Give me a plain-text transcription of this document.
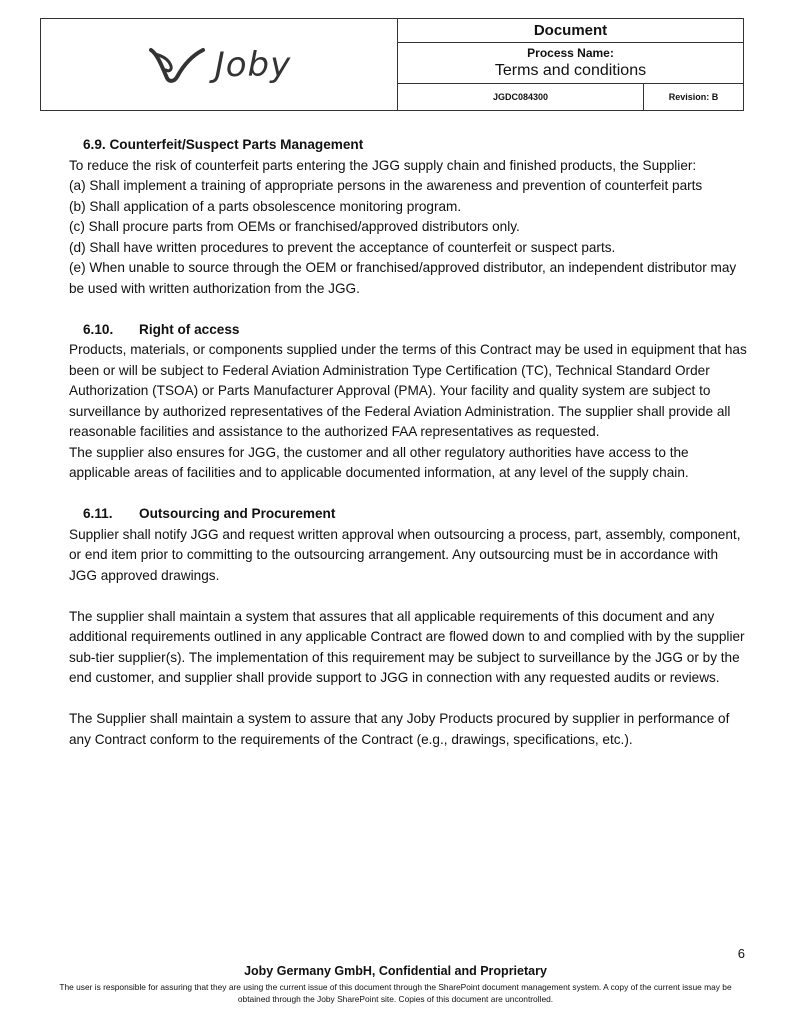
Joby
Document
Process Name:
Terms and conditions
JGDC084300	Revision: B

6.9. Counterfeit/Suspect Parts Management

To reduce the risk of counterfeit parts entering the JGG supply chain and finished products, the Supplier:

(a) Shall implement a training of appropriate persons in the awareness and prevention of counterfeit parts

(b) Shall application of a parts obsolescence monitoring program.

(c) Shall procure parts from OEMs or franchised/approved distributors only.

(d) Shall have written procedures to prevent the acceptance of counterfeit or suspect parts.

(e) When unable to source through the OEM or franchised/approved distributor, an independent distributor may be used with written authorization from the JGG.

6.10. Right of access

Products, materials, or components supplied under the terms of this Contract may be used in equipment that has been or will be subject to Federal Aviation Administration Type Certification (TC), Technical Standard Order Authorization (TSOA) or Parts Manufacturer Approval (PMA). Your facility and quality system are subject to surveillance by authorized representatives of the Federal Aviation Administration. The supplier shall provide all reasonable facilities and assistance to the authorized FAA representatives as requested.

The supplier also ensures for JGG, the customer and all other regulatory authorities have access to the applicable areas of facilities and to applicable documented information, at any level of the supply chain.

6.11. Outsourcing and Procurement

Supplier shall notify JGG and request written approval when outsourcing a process, part, assembly, component, or end item prior to committing to the outsourcing arrangement. Any outsourcing must be in accordance with JGG approved drawings.

The supplier shall maintain a system that assures that all applicable requirements of this document and any additional requirements outlined in any applicable Contract are flowed down to and complied with by the supplier sub-tier supplier(s). The implementation of this requirement may be subject to surveillance by the JGG or by the end customer, and supplier shall provide support to JGG in connection with any requested audits or reviews.

The Supplier shall maintain a system to assure that any Joby Products procured by supplier in performance of any Contract conform to the requirements of the Contract (e.g., drawings, specifications, etc.).

6
Joby Germany GmbH, Confidential and Proprietary
The user is responsible for assuring that they are using the current issue of this document through the SharePoint document management system. A copy of the current issue may be obtained through the Joby SharePoint site. Copies of this document are uncontrolled.
